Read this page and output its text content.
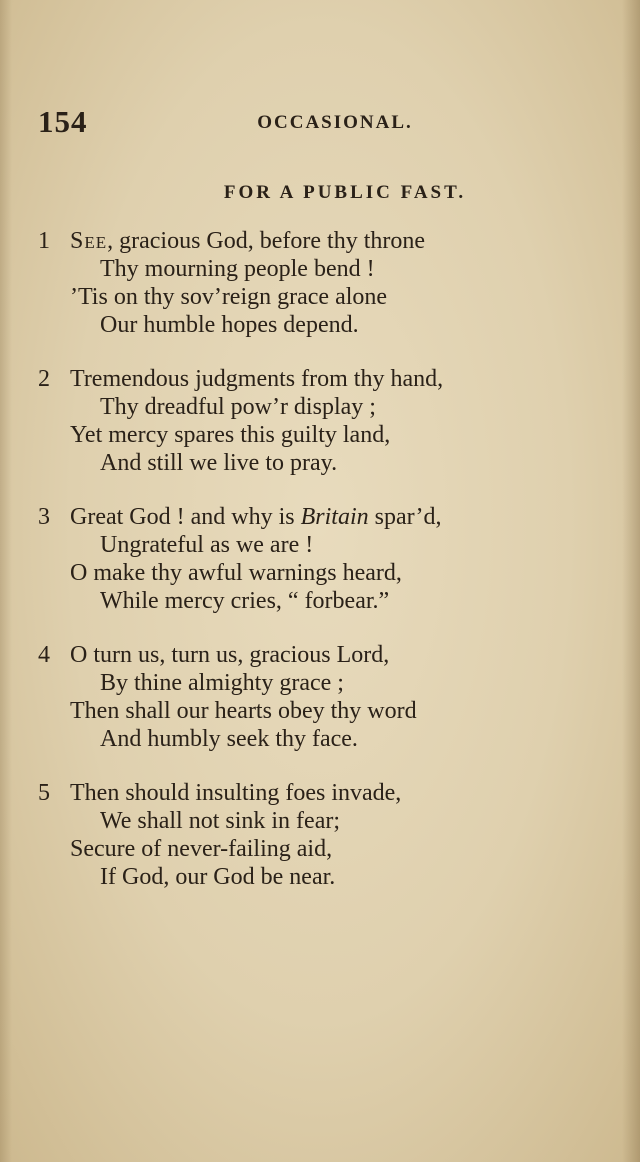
154	OCCASIONAL.
FOR A PUBLIC FAST.
1 See, gracious God, before thy throne
Thy mourning people bend !
’Tis on thy sov’reign grace alone
Our humble hopes depend.
2 Tremendous judgments from thy hand,
Thy dreadful pow’r display ;
Yet mercy spares this guilty land,
And still we live to pray.
3 Great God ! and why is Britain spar’d,
Ungrateful as we are !
O make thy awful warnings heard,
While mercy cries, “ forbear.”
4 O turn us, turn us, gracious Lord,
By thine almighty grace ;
Then shall our hearts obey thy word
And humbly seek thy face.
5 Then should insulting foes invade,
We shall not sink in fear;
Secure of never-failing aid,
If God, our God be near.
